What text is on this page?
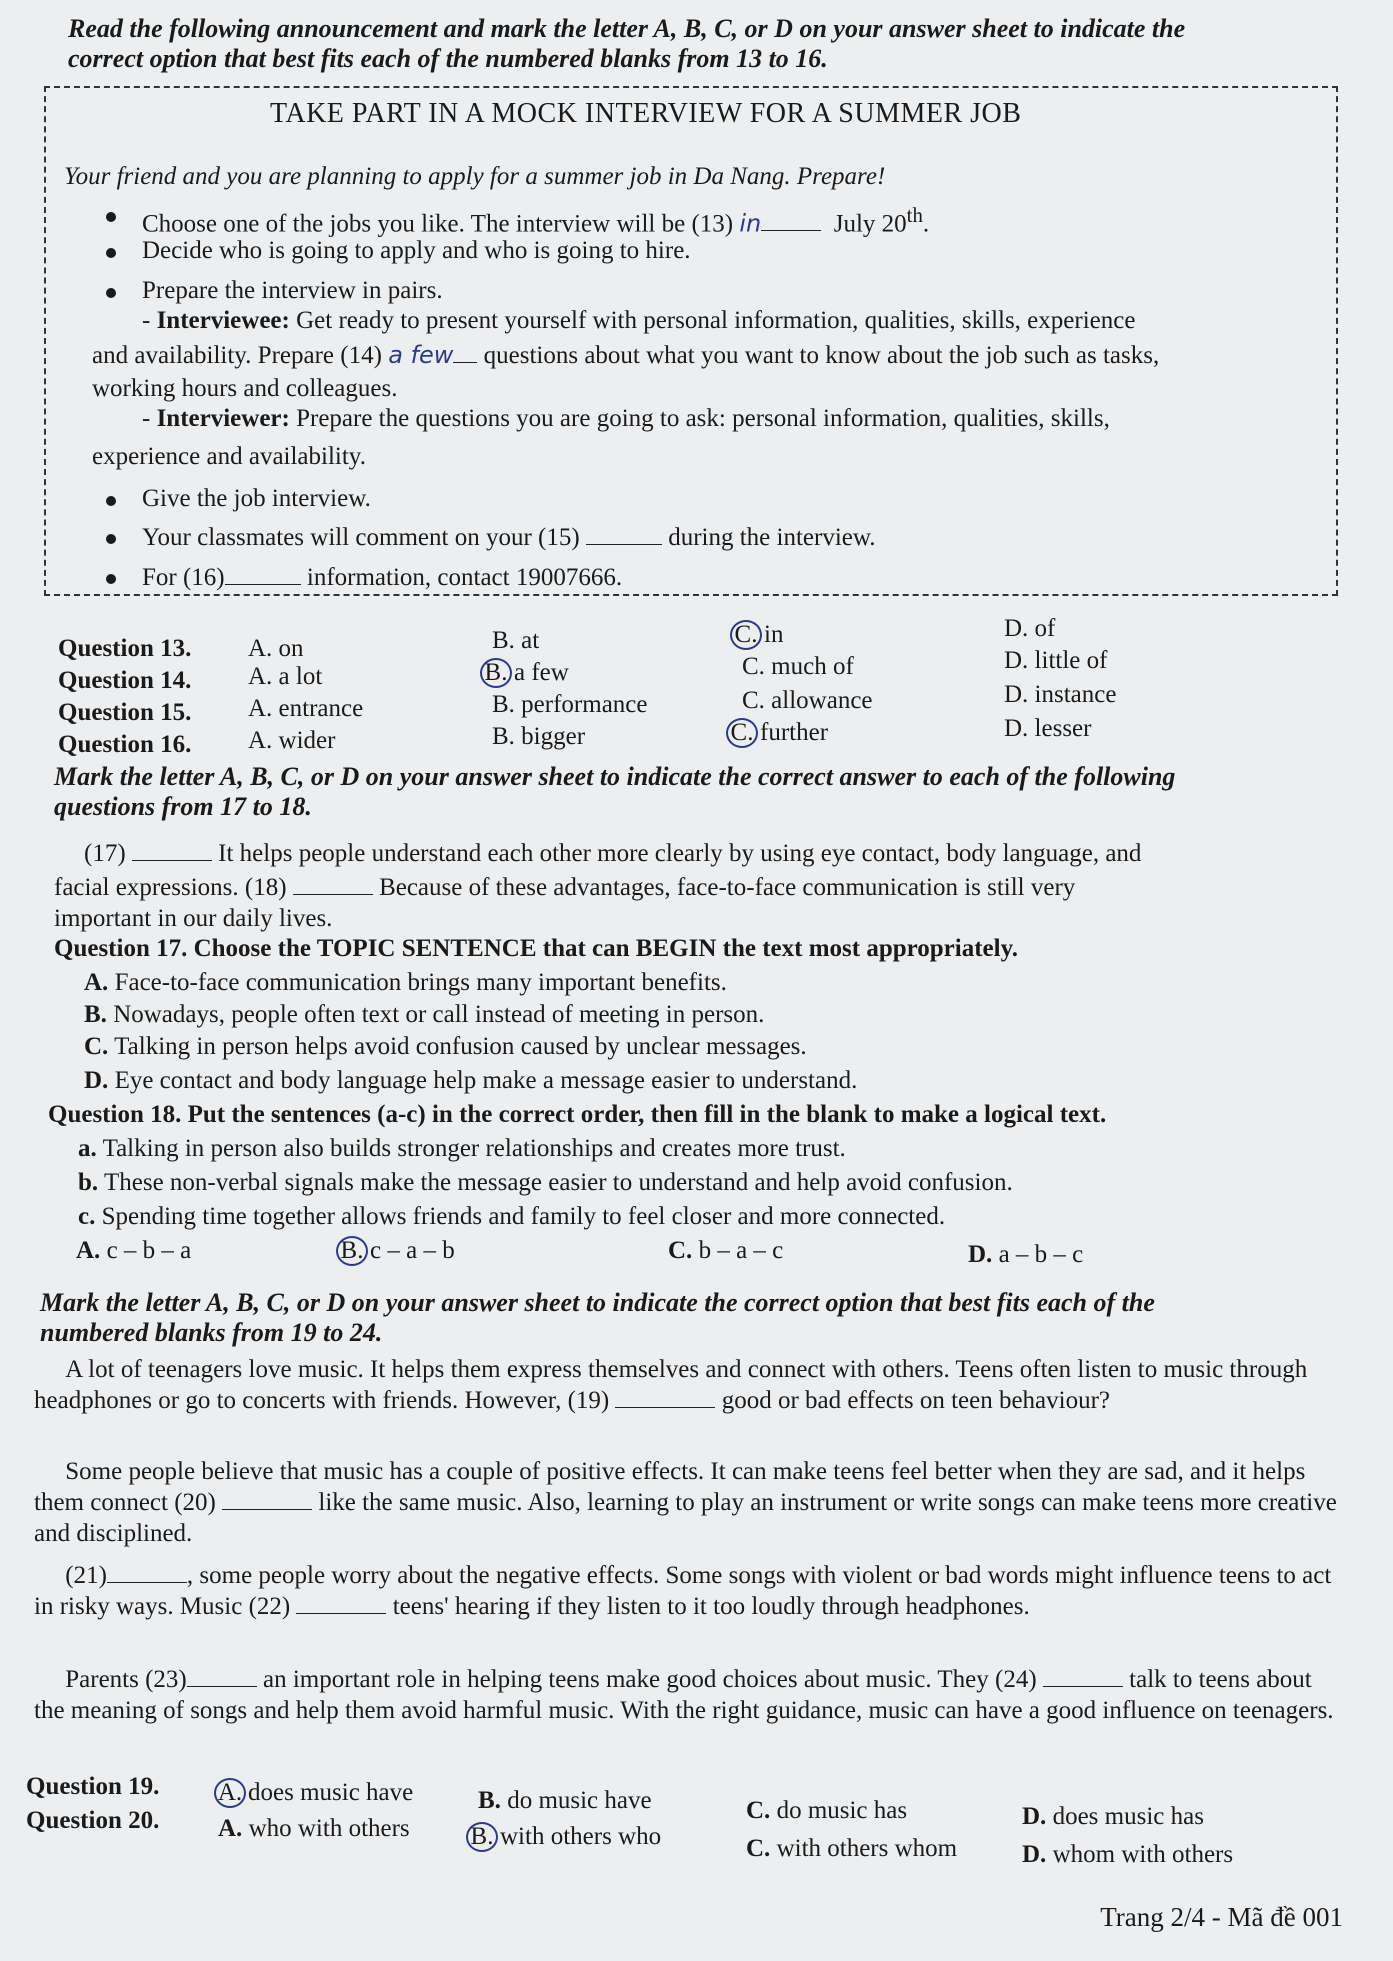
Read the following announcement and mark the letter A, B, C, or D on your answer sheet to indicate the
correct option that best fits each of the numbered blanks from 13 to 16.
TAKE PART IN A MOCK INTERVIEW FOR A SUMMER JOB
Your friend and you are planning to apply for a summer job in Da Nang. Prepare!
Choose one of the jobs you like. The interview will be (13) in	July 20th.
Decide who is going to apply and who is going to hire.
Prepare the interview in pairs.
- Interviewee: Get ready to present yourself with personal information, qualities, skills, experience
and availability. Prepare (14) a few questions about what you want to know about the job such as tasks,
working hours and colleagues.
- Interviewer: Prepare the questions you are going to ask: personal information, qualities, skills,
experience and availability.
Give the job interview.
Your classmates will comment on your (15)	during the interview.
For (16)	information, contact 19007666.
Question 13. A. on	B. at	C. in	D. of
Question 14. A. a lot	B. a few	C. much of	D. little of
Question 15. A. entrance	B. performance	C. allowance	D. instance
Question 16. A. wider	B. bigger	C. further	D. lesser
Mark the letter A, B, C, or D on your answer sheet to indicate the correct answer to each of the following
questions from 17 to 18.
(17)	It helps people understand each other more clearly by using eye contact, body language, and
facial expressions. (18)	Because of these advantages, face-to-face communication is still very
important in our daily lives.
Question 17. Choose the TOPIC SENTENCE that can BEGIN the text most appropriately.
A. Face-to-face communication brings many important benefits.
B. Nowadays, people often text or call instead of meeting in person.
C. Talking in person helps avoid confusion caused by unclear messages.
D. Eye contact and body language help make a message easier to understand.
Question 18. Put the sentences (a-c) in the correct order, then fill in the blank to make a logical text.
a. Talking in person also builds stronger relationships and creates more trust.
b. These non-verbal signals make the message easier to understand and help avoid confusion.
c. Spending time together allows friends and family to feel closer and more connected.
A. c – b – a	B. c – a – b	C. b – a – c	D. a – b – c
Mark the letter A, B, C, or D on your answer sheet to indicate the correct option that best fits each of the
numbered blanks from 19 to 24.
A lot of teenagers love music. It helps them express themselves and connect with others. Teens often listen to music through headphones or go to concerts with friends. However, (19)	good or bad effects on teen behaviour?
Some people believe that music has a couple of positive effects. It can make teens feel better when they are sad, and it helps them connect (20)	like the same music. Also, learning to play an instrument or write songs can make teens more creative and disciplined.
(21)	, some people worry about the negative effects. Some songs with violent or bad words might influence teens to act in risky ways. Music (22)	teens' hearing if they listen to it too loudly through headphones.
Parents (23)	an important role in helping teens make good choices about music. They (24)	talk to teens about the meaning of songs and help them avoid harmful music. With the right guidance, music can have a good influence on teenagers.
Question 19. A. does music have	B. do music have	C. do music has	D. does music has
Question 20. A. who with others B. with others who	C. with others whom	D. whom with others
Trang 2/4 - Mã đề 001
